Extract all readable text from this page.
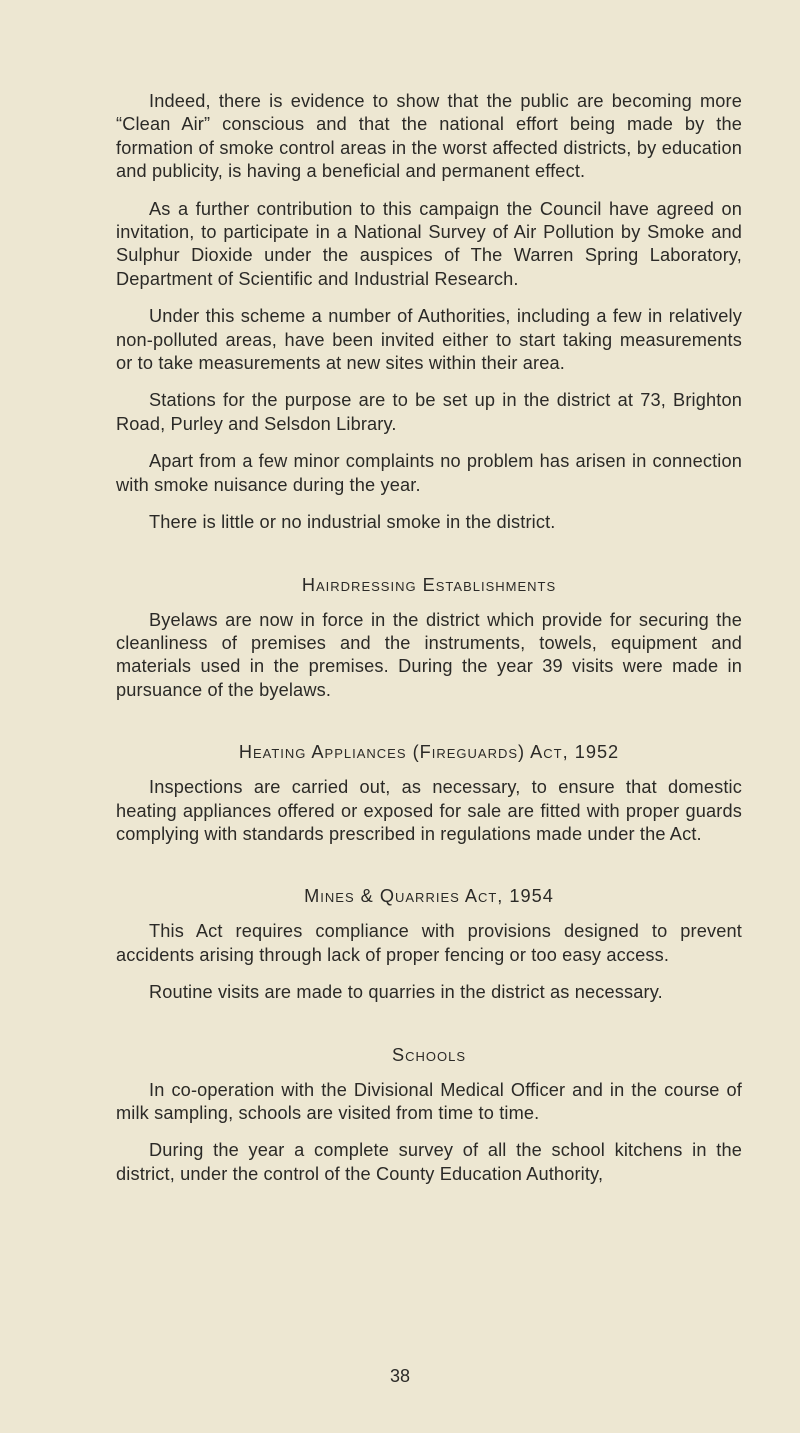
Indeed, there is evidence to show that the public are becoming more “Clean Air” conscious and that the national effort being made by the formation of smoke control areas in the worst affected districts, by education and publicity, is having a beneficial and permanent effect.

As a further contribution to this campaign the Council have agreed on invitation, to participate in a National Survey of Air Pollution by Smoke and Sulphur Dioxide under the auspices of The Warren Spring Laboratory, Department of Scientific and Industrial Research.

Under this scheme a number of Authorities, including a few in relatively non-polluted areas, have been invited either to start taking measurements or to take measurements at new sites within their area.

Stations for the purpose are to be set up in the district at 73, Brighton Road, Purley and Selsdon Library.

Apart from a few minor complaints no problem has arisen in connection with smoke nuisance during the year.

There is little or no industrial smoke in the district.

Hairdressing Establishments

Byelaws are now in force in the district which provide for securing the cleanliness of premises and the instruments, towels, equipment and materials used in the premises. During the year 39 visits were made in pursuance of the byelaws.

Heating Appliances (Fireguards) Act, 1952

Inspections are carried out, as necessary, to ensure that domestic heating appliances offered or exposed for sale are fitted with proper guards complying with standards prescribed in regulations made under the Act.

Mines & Quarries Act, 1954

This Act requires compliance with provisions designed to prevent accidents arising through lack of proper fencing or too easy access.

Routine visits are made to quarries in the district as necessary.

Schools

In co-operation with the Divisional Medical Officer and in the course of milk sampling, schools are visited from time to time.

During the year a complete survey of all the school kitchens in the district, under the control of the County Education Authority,

38
